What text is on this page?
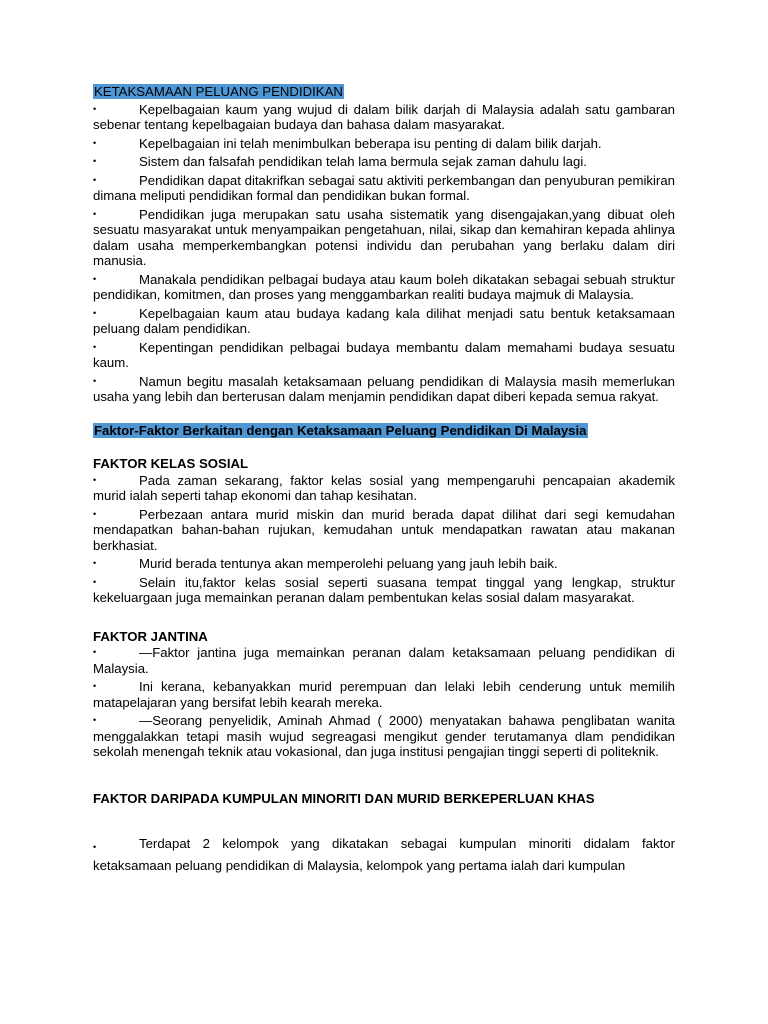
KETAKSAMAAN PELUANG PENDIDIKAN
•	Kepelbagaian kaum yang wujud di dalam bilik darjah di Malaysia adalah satu gambaran sebenar tentang kepelbagaian budaya dan bahasa dalam masyarakat.
•	Kepelbagaian ini telah menimbulkan beberapa isu penting di dalam bilik darjah.
•	Sistem dan falsafah pendidikan telah lama bermula sejak zaman dahulu lagi.
•	Pendidikan dapat ditakrifkan sebagai satu aktiviti perkembangan dan penyuburan pemikiran dimana meliputi pendidikan formal dan pendidikan bukan formal.
•	Pendidikan juga merupakan satu usaha sistematik yang disengajakan,yang dibuat oleh sesuatu masyarakat untuk menyampaikan pengetahuan, nilai, sikap dan kemahiran kepada ahlinya dalam usaha memperkembangkan potensi individu dan perubahan yang berlaku dalam diri manusia.
•	Manakala pendidikan pelbagai budaya atau kaum boleh dikatakan sebagai sebuah struktur pendidikan, komitmen, dan proses yang menggambarkan realiti budaya majmuk di Malaysia.
•	Kepelbagaian kaum atau budaya kadang kala dilihat menjadi satu bentuk ketaksamaan peluang dalam pendidikan.
•	Kepentingan pendidikan pelbagai budaya membantu dalam memahami budaya sesuatu kaum.
•	Namun begitu masalah ketaksamaan peluang pendidikan di Malaysia masih memerlukan usaha yang lebih dan berterusan dalam menjamin pendidikan dapat diberi kepada semua rakyat.
Faktor-Faktor Berkaitan dengan Ketaksamaan Peluang Pendidikan Di Malaysia
FAKTOR KELAS SOSIAL
•	Pada zaman sekarang, faktor kelas sosial yang mempengaruhi pencapaian akademik murid ialah seperti tahap ekonomi dan tahap kesihatan.
•	Perbezaan antara murid miskin dan murid berada dapat dilihat dari segi kemudahan mendapatkan bahan-bahan rujukan, kemudahan untuk mendapatkan rawatan atau makanan berkhasiat.
•	Murid berada tentunya akan memperolehi peluang yang jauh lebih baik.
•	Selain itu,faktor kelas sosial seperti suasana tempat tinggal yang lengkap, struktur kekeluargaan juga memainkan peranan dalam pembentukan kelas sosial dalam masyarakat.
FAKTOR JANTINA
•	—Faktor jantina juga memainkan peranan dalam ketaksamaan peluang pendidikan di Malaysia.
•	Ini kerana, kebanyakkan murid perempuan dan lelaki lebih cenderung untuk memilih matapelajaran yang bersifat lebih kearah mereka.
•	—Seorang penyelidik, Aminah Ahmad ( 2000) menyatakan bahawa penglibatan wanita menggalakkan tetapi masih wujud segreagasi mengikut gender terutamanya dlam pendidikan sekolah menengah teknik atau vokasional, dan juga institusi pengajian tinggi seperti di politeknik.
FAKTOR DARIPADA KUMPULAN MINORITI DAN MURID BERKEPERLUAN KHAS
•	Terdapat 2 kelompok yang dikatakan sebagai kumpulan minoriti didalam faktor ketaksamaan peluang pendidikan di Malaysia, kelompok yang pertama ialah dari kumpulan
